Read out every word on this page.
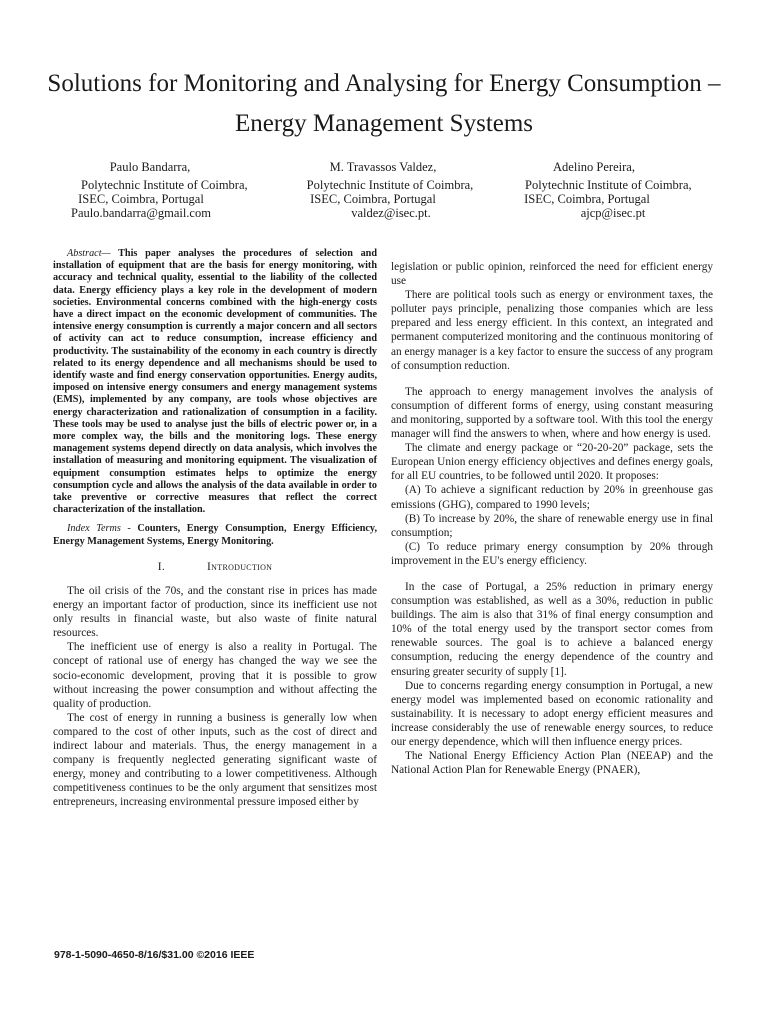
Solutions for Monitoring and Analysing for Energy Consumption – Energy Management Systems
Paulo Bandarra,
Polytechnic Institute of Coimbra,
ISEC, Coimbra, Portugal
Paulo.bandarra@gmail.com
M. Travassos Valdez,
Polytechnic Institute of Coimbra,
ISEC, Coimbra, Portugal
valdez@isec.pt.
Adelino Pereira,
Polytechnic Institute of Coimbra,
ISEC, Coimbra, Portugal
ajcp@isec.pt

Abstract— This paper analyses the procedures of selection and installation of equipment that are the basis for energy monitoring, with accuracy and technical quality, essential to the liability of the collected data. Energy efficiency plays a key role in the development of modern societies. Environmental concerns combined with the high-energy costs have a direct impact on the economic development of communities. The intensive energy consumption is currently a major concern and all sectors of activity can act to reduce consumption, increase efficiency and productivity. The sustainability of the economy in each country is directly related to its energy dependence and all mechanisms should be used to identify waste and find energy conservation opportunities. Energy audits, imposed on intensive energy consumers and energy management systems (EMS), implemented by any company, are tools whose objectives are energy characterization and rationalization of consumption in a facility. These tools may be used to analyse just the bills of electric power or, in a more complex way, the bills and the monitoring logs. These energy management systems depend directly on data analysis, which involves the installation of measuring and monitoring equipment. The visualization of equipment consumption estimates helps to optimize the energy consumption cycle and allows the analysis of the data available in order to take preventive or corrective measures that reflect the correct characterization of the installation.

Index Terms - Counters, Energy Consumption, Energy Efficiency, Energy Management Systems, Energy Monitoring.

I.	Introduction

The oil crisis of the 70s, and the constant rise in prices has made energy an important factor of production, since its inefficient use not only results in financial waste, but also waste of finite natural resources.

The inefficient use of energy is also a reality in Portugal. The concept of rational use of energy has changed the way we see the socio-economic development, proving that it is possible to grow without increasing the power consumption and without affecting the quality of production.

The cost of energy in running a business is generally low when compared to the cost of other inputs, such as the cost of direct and indirect labour and materials. Thus, the energy management in a company is frequently neglected generating significant waste of energy, money and contributing to a lower competitiveness. Although competitiveness continues to be the only argument that sensitizes most entrepreneurs, increasing environmental pressure imposed either by

legislation or public opinion, reinforced the need for efficient energy use

There are political tools such as energy or environment taxes, the polluter pays principle, penalizing those companies which are less prepared and less energy efficient. In this context, an integrated and permanent computerized monitoring and the continuous monitoring of an energy manager is a key factor to ensure the success of any program of consumption reduction.

The approach to energy management involves the analysis of consumption of different forms of energy, using constant measuring and monitoring, supported by a software tool. With this tool the energy manager will find the answers to when, where and how energy is used.

The climate and energy package or “20-20-20” package, sets the European Union energy efficiency objectives and defines energy goals, for all EU countries, to be followed until 2020. It proposes:

(A) To achieve a significant reduction by 20% in greenhouse gas emissions (GHG), compared to 1990 levels;

(B) To increase by 20%, the share of renewable energy use in final consumption;

(C) To reduce primary energy consumption by 20% through improvement in the EU's energy efficiency.

In the case of Portugal, a 25% reduction in primary energy consumption was established, as well as a 30%, reduction in public buildings. The aim is also that 31% of final energy consumption and 10% of the total energy used by the transport sector comes from renewable sources. The goal is to achieve a balanced energy consumption, reducing the energy dependence of the country and ensuring greater security of supply [1].

Due to concerns regarding energy consumption in Portugal, a new energy model was implemented based on economic rationality and sustainability. It is necessary to adopt energy efficient measures and increase considerably the use of renewable energy sources, to reduce our energy dependence, which will then influence energy prices.

The National Energy Efficiency Action Plan (NEEAP) and the National Action Plan for Renewable Energy (PNAER),

978-1-5090-4650-8/16/$31.00 ©2016 IEEE
